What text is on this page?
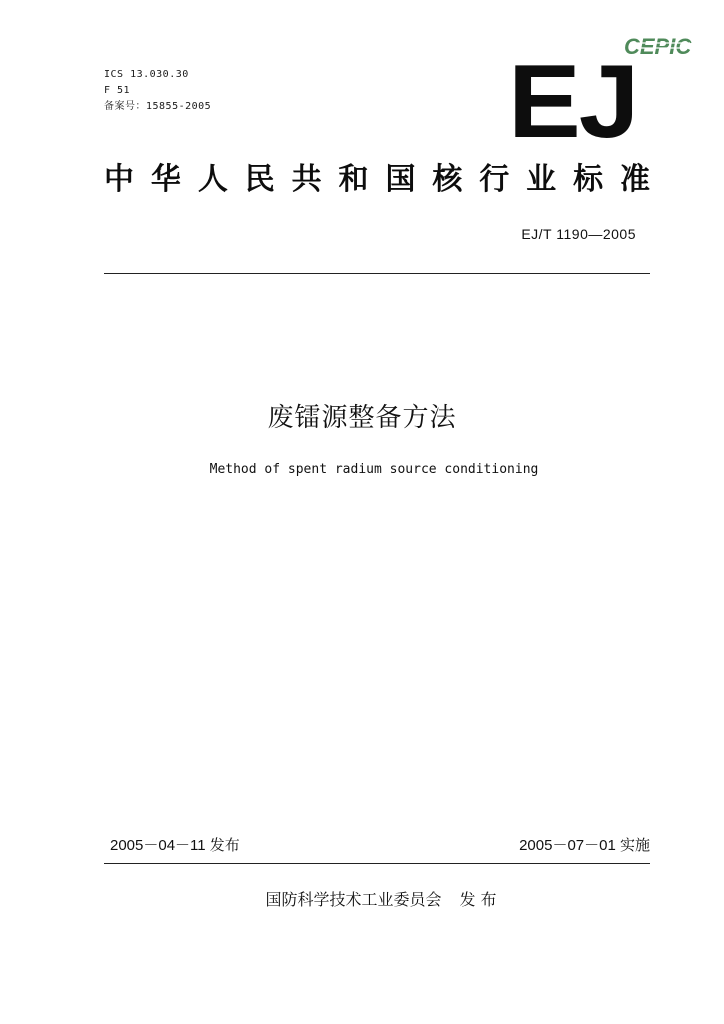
CEPIC
ICS 13.030.30
F 51
备案号：15855-2005	EJ
中 华 人 民 共 和 国 核 行 业 标 准
EJ/T 1190—2005
废镭源整备方法
Method of spent radium source conditioning
2005－04－11 发布	2005－07－01 实施
国防科学技术工业委员会 发 布
